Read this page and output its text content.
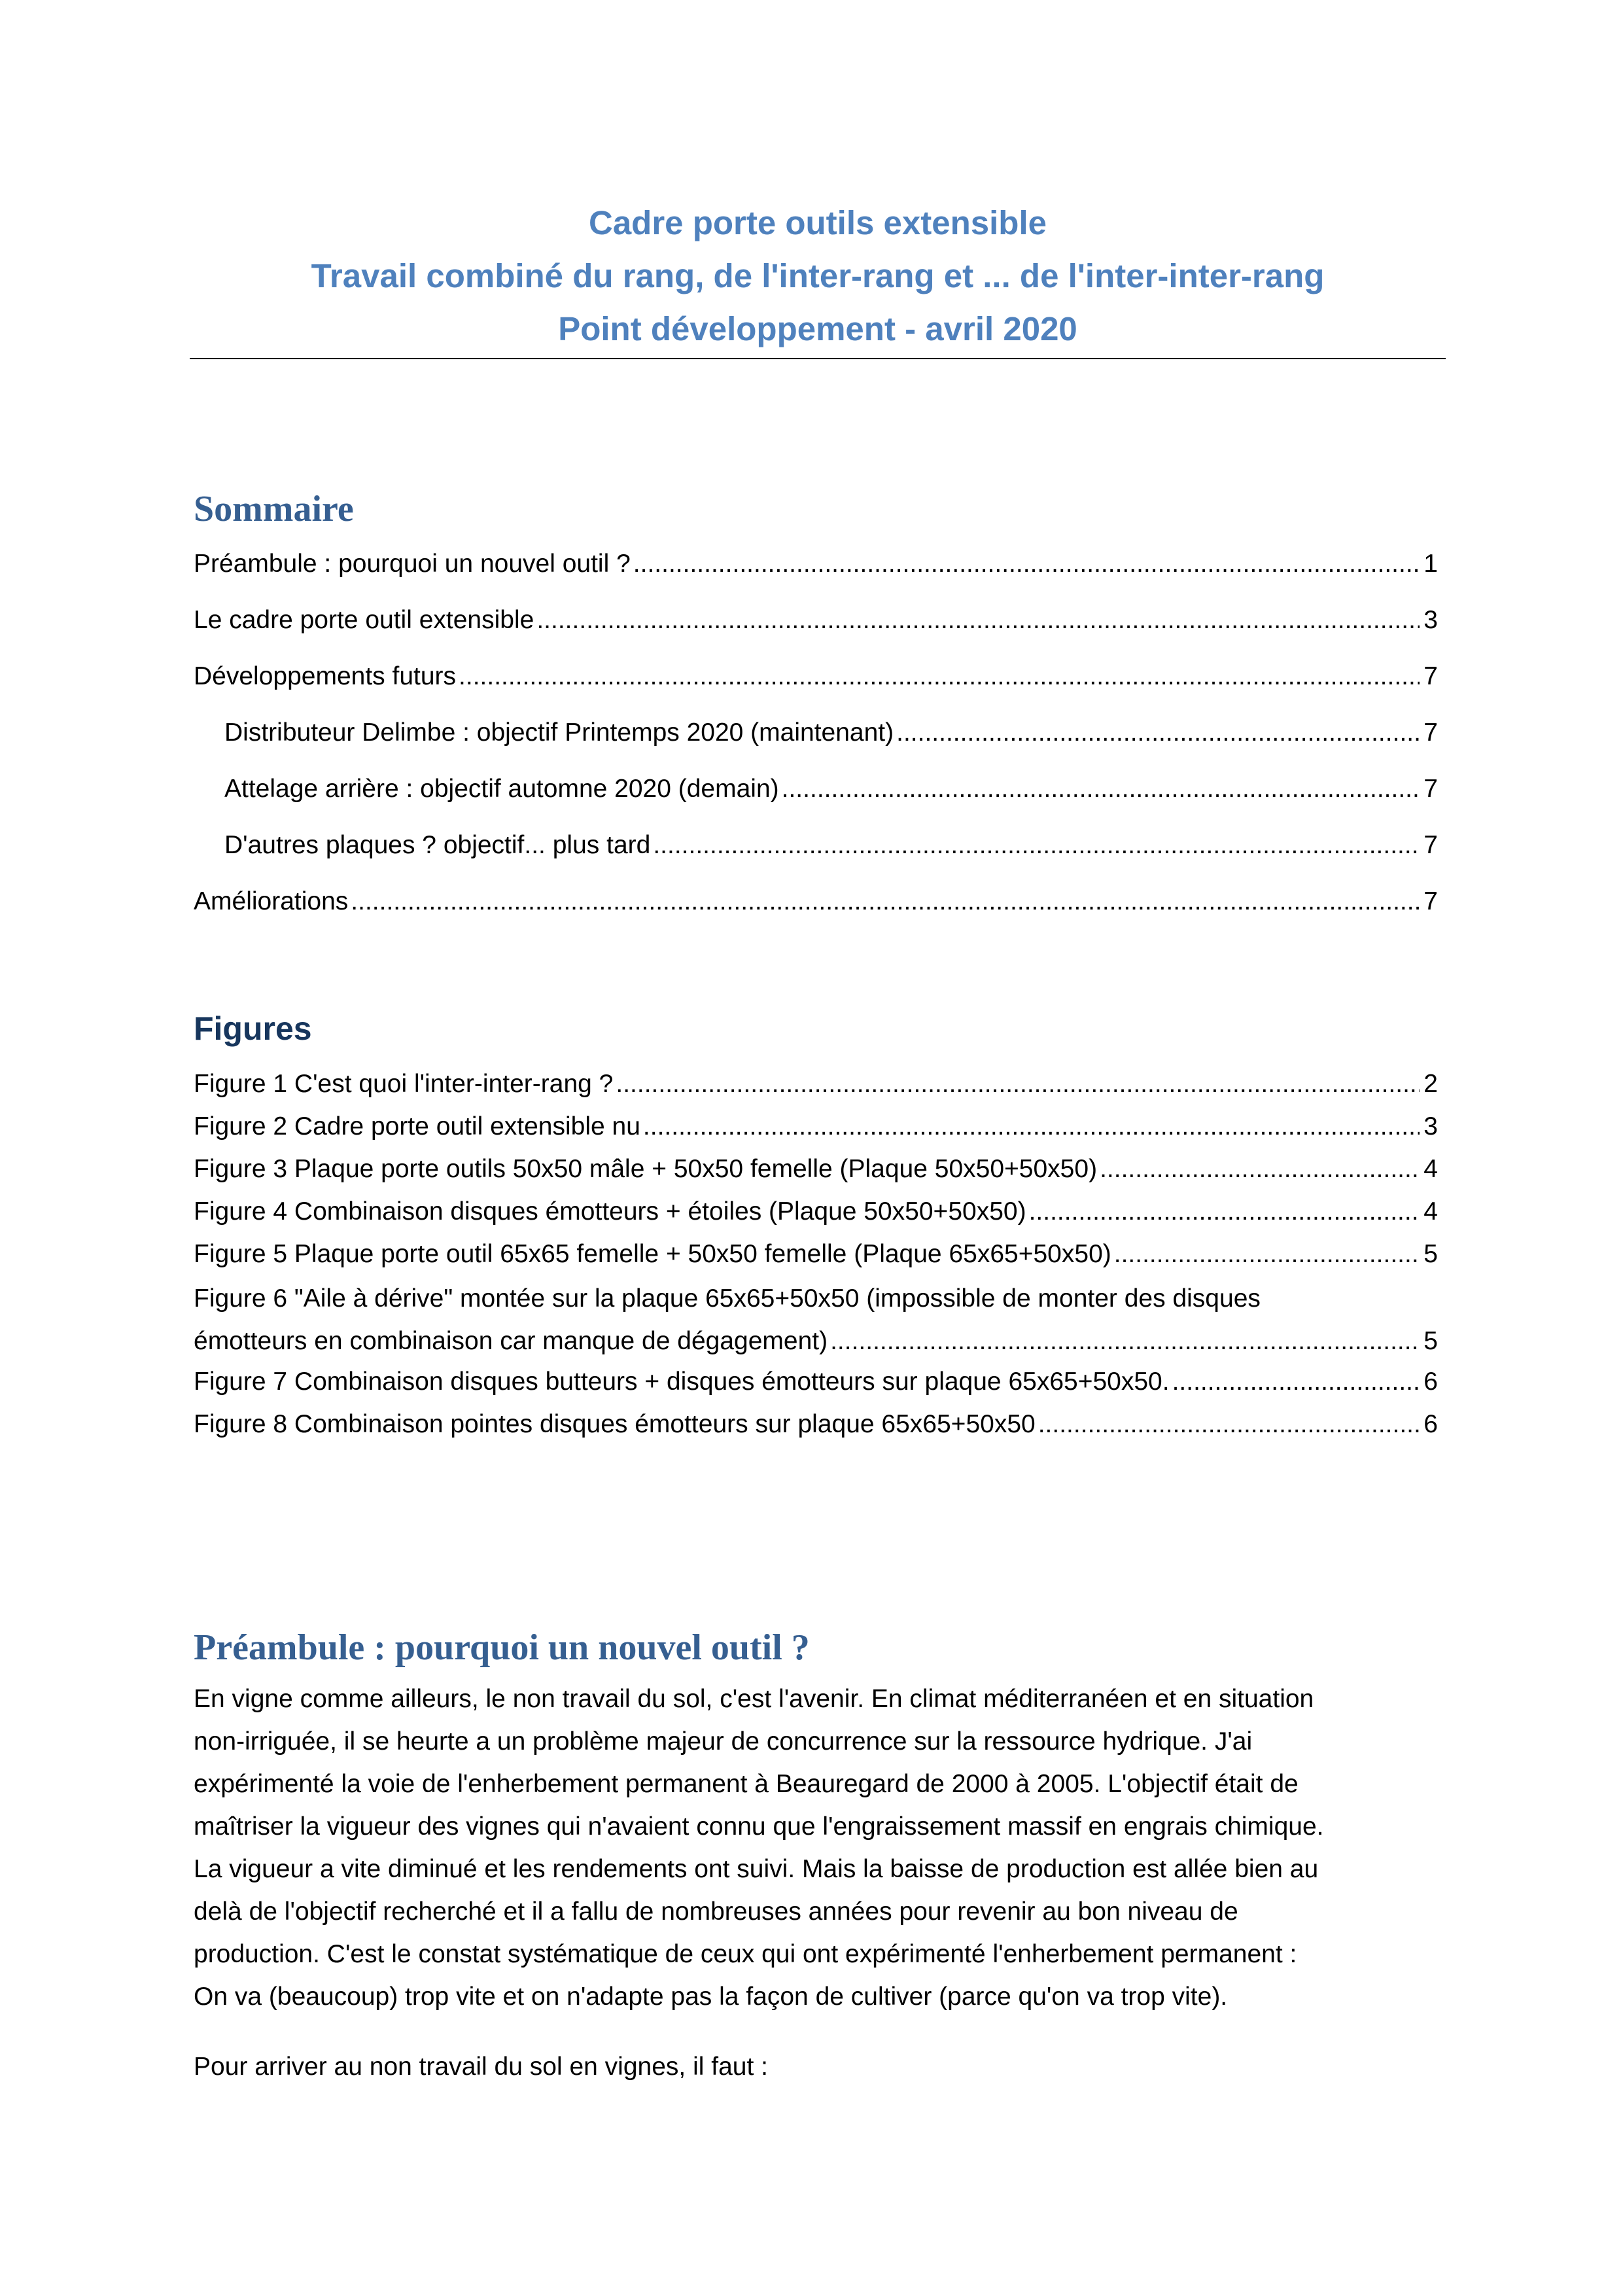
Cadre porte outils extensible
Travail combiné du rang, de l'inter-rang et ... de l'inter-inter-rang
Point développement - avril 2020
Sommaire
Préambule : pourquoi un nouvel outil ? .....	1
Le cadre porte outil extensible .....	3
Développements futurs .....	7
Distributeur Delimbe : objectif Printemps 2020 (maintenant) .....	7
Attelage arrière : objectif automne 2020 (demain) .....	7
D'autres plaques ? objectif... plus tard .....	7
Améliorations .....	7
Figures
Figure 1 C'est quoi l'inter-inter-rang ? .....	2
Figure 2 Cadre porte outil extensible nu .....	3
Figure 3 Plaque porte outils 50x50 mâle + 50x50 femelle (Plaque 50x50+50x50) .....	4
Figure 4 Combinaison disques émotteurs + étoiles (Plaque 50x50+50x50) .....	4
Figure 5 Plaque porte outil 65x65 femelle + 50x50 femelle (Plaque 65x65+50x50) .....	5
Figure 6 "Aile à dérive" montée sur la plaque 65x65+50x50 (impossible de monter des disques
émotteurs en combinaison car manque de dégagement) .....	5
Figure 7 Combinaison disques butteurs + disques émotteurs sur plaque 65x65+50x50. .....	6
Figure 8 Combinaison pointes disques émotteurs sur plaque 65x65+50x50 .....	6
Préambule : pourquoi un nouvel outil ?
En vigne comme ailleurs, le non travail du sol, c'est l'avenir. En climat méditerranéen et en situation
non-irriguée, il se heurte a un problème majeur de concurrence sur la ressource hydrique. J'ai
expérimenté la voie de l'enherbement permanent à Beauregard de 2000 à 2005. L'objectif était de
maîtriser la vigueur des vignes qui n'avaient connu que l'engraissement massif en engrais chimique.
La vigueur a vite diminué et les rendements ont suivi. Mais la baisse de production est allée bien au
delà de l'objectif recherché et il a fallu de nombreuses années pour revenir au bon niveau de
production. C'est le constat systématique de ceux qui ont expérimenté l'enherbement permanent :
On va (beaucoup) trop vite et on n'adapte pas la façon de cultiver (parce qu'on va trop vite).
Pour arriver au non travail du sol en vignes, il faut :
